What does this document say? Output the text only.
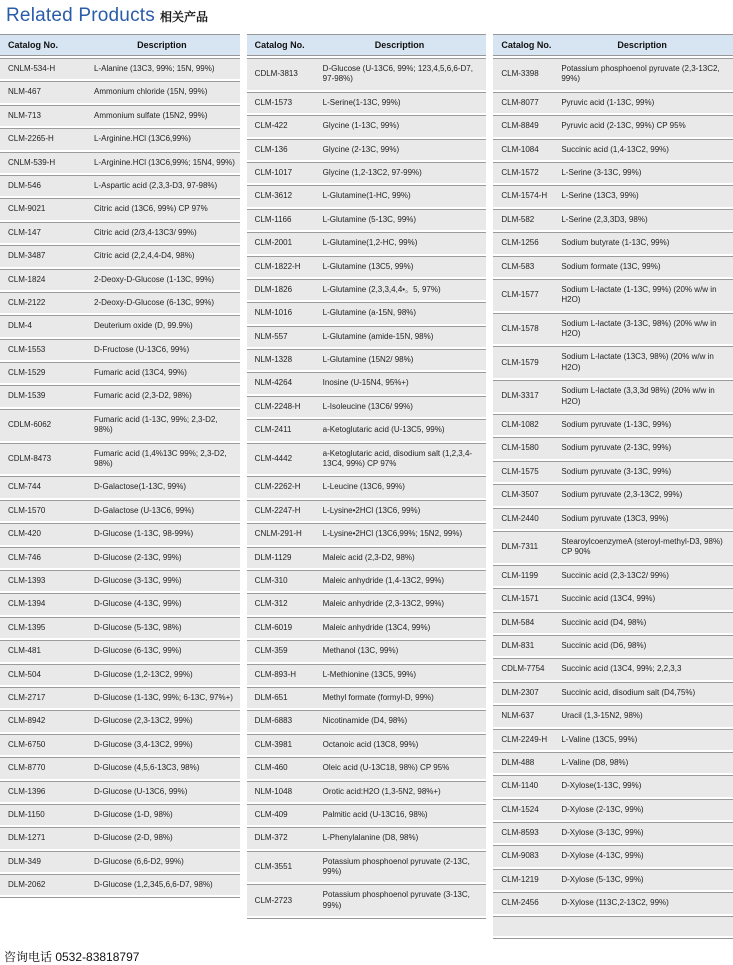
Related Products 相关产品
Catalog No.	Description
CNLM-534-H	L-Alanine (13C3, 99%; 15N, 99%)
NLM-467	Ammonium chloride (15N, 99%)
NLM-713	Ammonium sulfate (15N2, 99%)
CLM-2265-H	L-Arginine.HCl (13C6,99%)
CNLM-539-H	L-Arginine.HCl (13C6,99%; 15N4, 99%)
DLM-546	L-Aspartic acid (2,3,3-D3, 97-98%)
CLM-9021	Citric acid (13C6, 99%) CP 97%
CLM-147	Citric acid (2/3,4-13C3/ 99%)
DLM-3487	Citric acid (2,2,4,4-D4, 98%)
CLM-1824	2-Deoxy-D-Glucose (1-13C, 99%)
CLM-2122	2-Deoxy-D-Glucose (6-13C, 99%)
DLM-4	Deuterium oxide (D, 99.9%)
CLM-1553	D-Fructose (U-13C6, 99%)
CLM-1529	Fumaric acid (13C4, 99%)
DLM-1539	Fumaric acid (2,3-D2, 98%)
CDLM-6062	Fumaric acid (1-13C, 99%; 2,3-D2, 98%)
CDLM-8473	Fumaric acid (1,4%13C 99%; 2,3-D2, 98%)
CLM-744	D-Galactose(1-13C, 99%)
CLM-1570	D-Galactose (U-13C6, 99%)
CLM-420	D-Glucose (1-13C, 98-99%)
CLM-746	D-Glucose (2-13C, 99%)
CLM-1393	D-Glucose (3-13C, 99%)
CLM-1394	D-Glucose (4-13C, 99%)
CLM-1395	D-Glucose (5-13C, 98%)
CLM-481	D-Glucose (6-13C, 99%)
CLM-504	D-Glucose (1,2-13C2, 99%)
CLM-2717	D-Glucose (1-13C, 99%; 6-13C, 97%+)
CLM-8942	D-Glucose (2,3-13C2, 99%)
CLM-6750	D-Glucose (3,4-13C2, 99%)
CLM-8770	D-Glucose (4,5,6-13C3, 98%)
CLM-1396	D-Glucose (U-13C6, 99%)
DLM-1150	D-Glucose (1-D, 98%)
DLM-1271	D-Glucose (2-D, 98%)
DLM-349	D-Glucose (6,6-D2, 99%)
DLM-2062	D-Glucose (1,2,345,6,6-D7, 98%)
Catalog No.	Description
CDLM-3813	D-Glucose (U-13C6, 99%; 123,4,5,6,6-D7, 97-98%)
CLM-1573	L-Serine(1-13C, 99%)
CLM-422	Glycine (1-13C, 99%)
CLM-136	Glycine (2-13C, 99%)
CLM-1017	Glycine (1,2-13C2, 97-99%)
CLM-3612	L-Glutamine(1-HC, 99%)
CLM-1166	L-Glutamine (5-13C, 99%)
CLM-2001	L-Glutamine(1,2-HC, 99%)
CLM-1822-H	L-Glutamine (13C5, 99%)
DLM-1826	L-Glutamine (2,3,3,4,4•。5, 97%)
NLM-1016	L-Glutamine (a-15N, 98%)
NLM-557	L-Glutamine (amide-15N, 98%)
NLM-1328	L-Glutamine (15N2/ 98%)
NLM-4264	Inosine (U-15N4, 95%+)
CLM-2248-H	L-Isoleucine (13C6/ 99%)
CLM-2411	a-Ketoglutaric acid (U-13C5, 99%)
CLM-4442	a-Ketoglutaric acid, disodium salt (1,2,3,4-13C4, 99%) CP 97%
CLM-2262-H	L-Leucine (13C6, 99%)
CLM-2247-H	L-Lysine•2HCl (13C6, 99%)
CNLM-291-H	L-Lysine•2HCl (13C6,99%; 15N2, 99%)
DLM-1129	Maleic acid (2,3-D2, 98%)
CLM-310	Maleic anhydride (1,4-13C2, 99%)
CLM-312	Maleic anhydride (2,3-13C2, 99%)
CLM-6019	Maleic anhydride (13C4, 99%)
CLM-359	Methanol (13C, 99%)
CLM-893-H	L-Methionine (13C5, 99%)
DLM-651	Methyl formate (formyl-D, 99%)
DLM-6883	Nicotinamide (D4, 98%)
CLM-3981	Octanoic acid (13C8, 99%)
CLM-460	Oleic acid (U-13C18, 98%) CP 95%
NLM-1048	Orotic acid:H2O (1,3-5N2, 98%+)
CLM-409	Palmitic acid (U-13C16, 98%)
DLM-372	L-Phenylalanine (D8, 98%)
CLM-3551	Potassium phosphoenol pyruvate (2-13C, 99%)
CLM-2723	Potassium phosphoenol pyruvate (3-13C, 99%)
Catalog No.	Description
CLM-3398	Potassium phosphoenol pyruvate (2,3-13C2, 99%)
CLM-8077	Pyruvic acid (1-13C, 99%)
CLM-8849	Pyruvic acid (2-13C, 99%) CP 95%
CLM-1084	Succinic acid (1,4-13C2, 99%)
CLM-1572	L-Serine (3-13C, 99%)
CLM-1574-H	L-Serine (13C3, 99%)
DLM-582	L-Serine (2,3,3D3, 98%)
CLM-1256	Sodium butyrate (1-13C, 99%)
CLM-583	Sodium formate (13C, 99%)
CLM-1577	Sodium L-lactate (1-13C, 99%) (20% w/w in H2O)
CLM-1578	Sodium L-lactate (3-13C, 98%) (20% w/w in H2O)
CLM-1579	Sodium L-lactate (13C3, 98%) (20% w/w in H2O)
DLM-3317	Sodium L-lactate (3,3,3d 98%) (20% w/w in H2O)
CLM-1082	Sodium pyruvate (1-13C, 99%)
CLM-1580	Sodium pyruvate (2-13C, 99%)
CLM-1575	Sodium pyruvate (3-13C, 99%)
CLM-3507	Sodium pyruvate (2,3-13C2, 99%)
CLM-2440	Sodium pyruvate (13C3, 99%)
DLM-7311	StearoylcoenzymeA (steroyl-methyl-D3, 98%) CP 90%
CLM-1199	Succinic acid (2,3-13C2/ 99%)
CLM-1571	Succinic acid (13C4, 99%)
DLM-584	Succinic acid (D4, 98%)
DLM-831	Succinic acid (D6, 98%)
CDLM-7754	Succinic acid (13C4, 99%; 2,2,3,3
DLM-2307	Succinic acid, disodium salt (D4,75%)
NLM-637	Uracil (1,3-15N2, 98%)
CLM-2249-H	L-Valine (13C5, 99%)
DLM-488	L-Valine (D8, 98%)
CLM-1140	D-Xylose(1-13C, 99%)
CLM-1524	D-Xylose (2-13C, 99%)
CLM-8593	D-Xylose (3-13C, 99%)
CLM-9083	D-Xylose (4-13C, 99%)
CLM-1219	D-Xylose (5-13C, 99%)
CLM-2456	D-Xylose (113C,2-13C2, 99%)

咨询电话 0532-83818797
